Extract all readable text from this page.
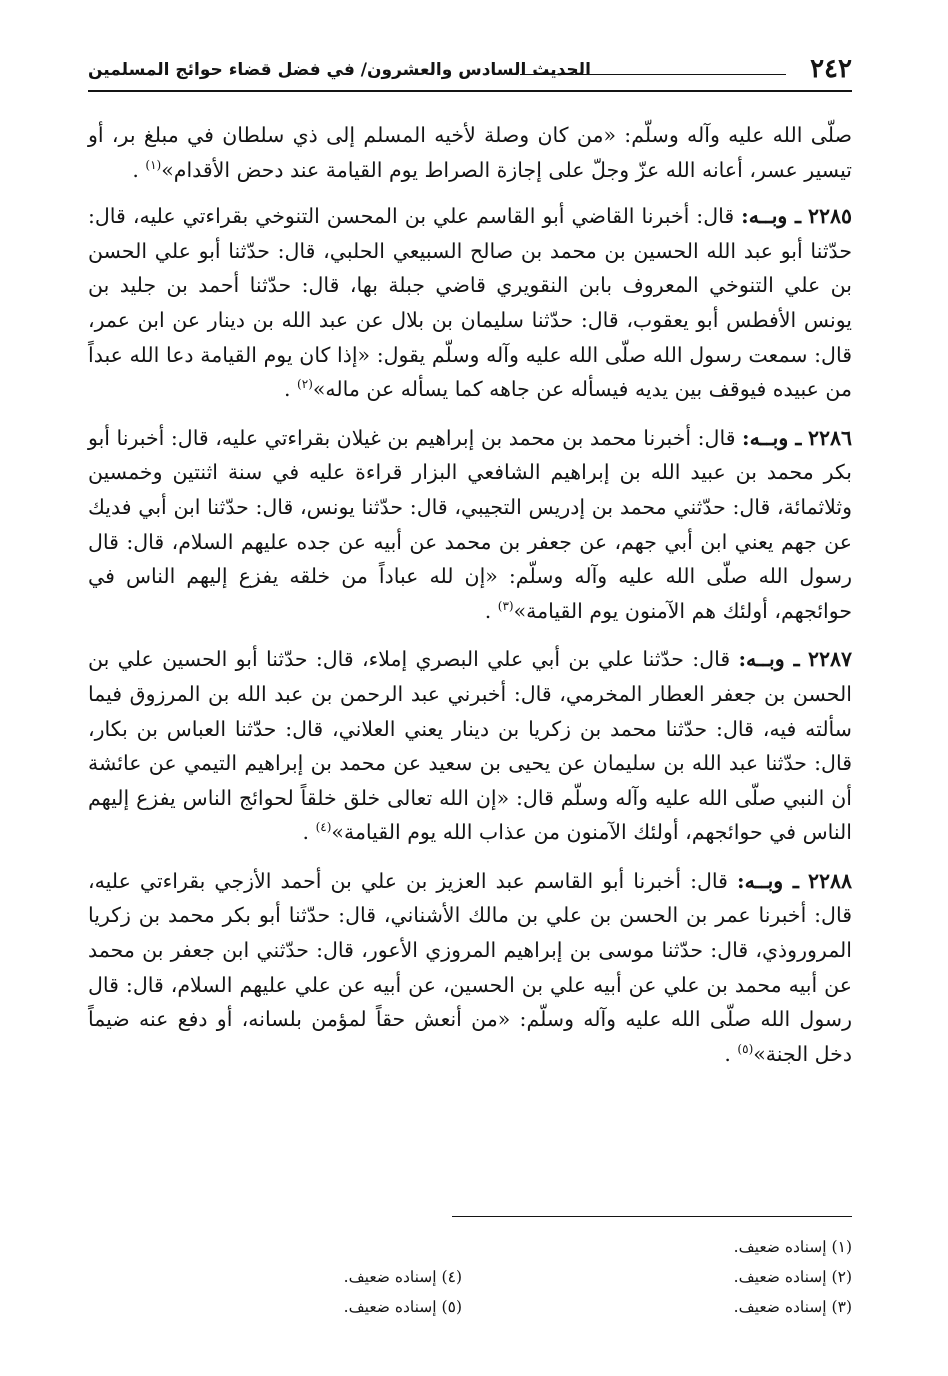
٢٤٢
الحديث السادس والعشرون/ في فضل قضاء حوائج المسلمين

صلّى الله عليه وآله وسلّم: «من كان وصلة لأخيه المسلم إلى ذي سلطان في مبلغ بر، أو تيسير عسر، أعانه الله عزّ وجلّ على إجازة الصراط يوم القيامة عند دحض الأقدام»$^{(١)}$ .

٢٢٨٥ ـ وبــه: قال: أخبرنا القاضي أبو القاسم علي بن المحسن التنوخي بقراءتي عليه، قال: حدّثنا أبو عبد الله الحسين بن محمد بن صالح السبيعي الحلبي، قال: حدّثنا أبو علي الحسن بن علي التنوخي المعروف بابن النقويري قاضي جبلة بها، قال: حدّثنا أحمد بن جليد بن يونس الأفطس أبو يعقوب، قال: حدّثنا سليمان بن بلال عن عبد الله بن دينار عن ابن عمر، قال: سمعت رسول الله صلّى الله عليه وآله وسلّم يقول: «إذا كان يوم القيامة دعا الله عبداً من عبيده فيوقف بين يديه فيسأله عن جاهه كما يسأله عن ماله»$^{(٢)}$ .

٢٢٨٦ ـ وبــه: قال: أخبرنا محمد بن محمد بن إبراهيم بن غيلان بقراءتي عليه، قال: أخبرنا أبو بكر محمد بن عبيد الله بن إبراهيم الشافعي البزار قراءة عليه في سنة اثنتين وخمسين وثلاثمائة، قال: حدّثني محمد بن إدريس التجيبي، قال: حدّثنا يونس، قال: حدّثنا ابن أبي فديك عن جهم يعني ابن أبي جهم، عن جعفر بن محمد عن أبيه عن جده عليهم السلام، قال: قال رسول الله صلّى الله عليه وآله وسلّم: «إن لله عباداً من خلقه يفزع إليهم الناس في حوائجهم، أولئك هم الآمنون يوم القيامة»$^{(٣)}$ .

٢٢٨٧ ـ وبــه: قال: حدّثنا علي بن أبي علي البصري إملاء، قال: حدّثنا أبو الحسين علي بن الحسن بن جعفر العطار المخرمي، قال: أخبرني عبد الرحمن بن عبد الله بن المرزوق فيما سألته فيه، قال: حدّثنا محمد بن زكريا بن دينار يعني العلاني، قال: حدّثنا العباس بن بكار، قال: حدّثنا عبد الله بن سليمان عن يحيى بن سعيد عن محمد بن إبراهيم التيمي عن عائشة أن النبي صلّى الله عليه وآله وسلّم قال: «إن الله تعالى خلق خلقاً لحوائج الناس يفزع إليهم الناس في حوائجهم، أولئك الآمنون من عذاب الله يوم القيامة»$^{(٤)}$ .

٢٢٨٨ ـ وبــه: قال: أخبرنا أبو القاسم عبد العزيز بن علي بن أحمد الأزجي بقراءتي عليه، قال: أخبرنا عمر بن الحسن بن علي بن مالك الأشناني، قال: حدّثنا أبو بكر محمد بن زكريا المروروذي، قال: حدّثنا موسى بن إبراهيم المروزي الأعور، قال: حدّثني ابن جعفر بن محمد عن أبيه محمد بن علي عن أبيه علي بن الحسين، عن أبيه عن علي عليهم السلام، قال: قال رسول الله صلّى الله عليه وآله وسلّم: «من أنعش حقاً لمؤمن بلسانه، أو دفع عنه ضيماً دخل الجنة»$^{(٥)}$ .

(١) إسناده ضعيف.
(٢) إسناده ضعيف.
(٣) إسناده ضعيف.
(٤) إسناده ضعيف.
(٥) إسناده ضعيف.
